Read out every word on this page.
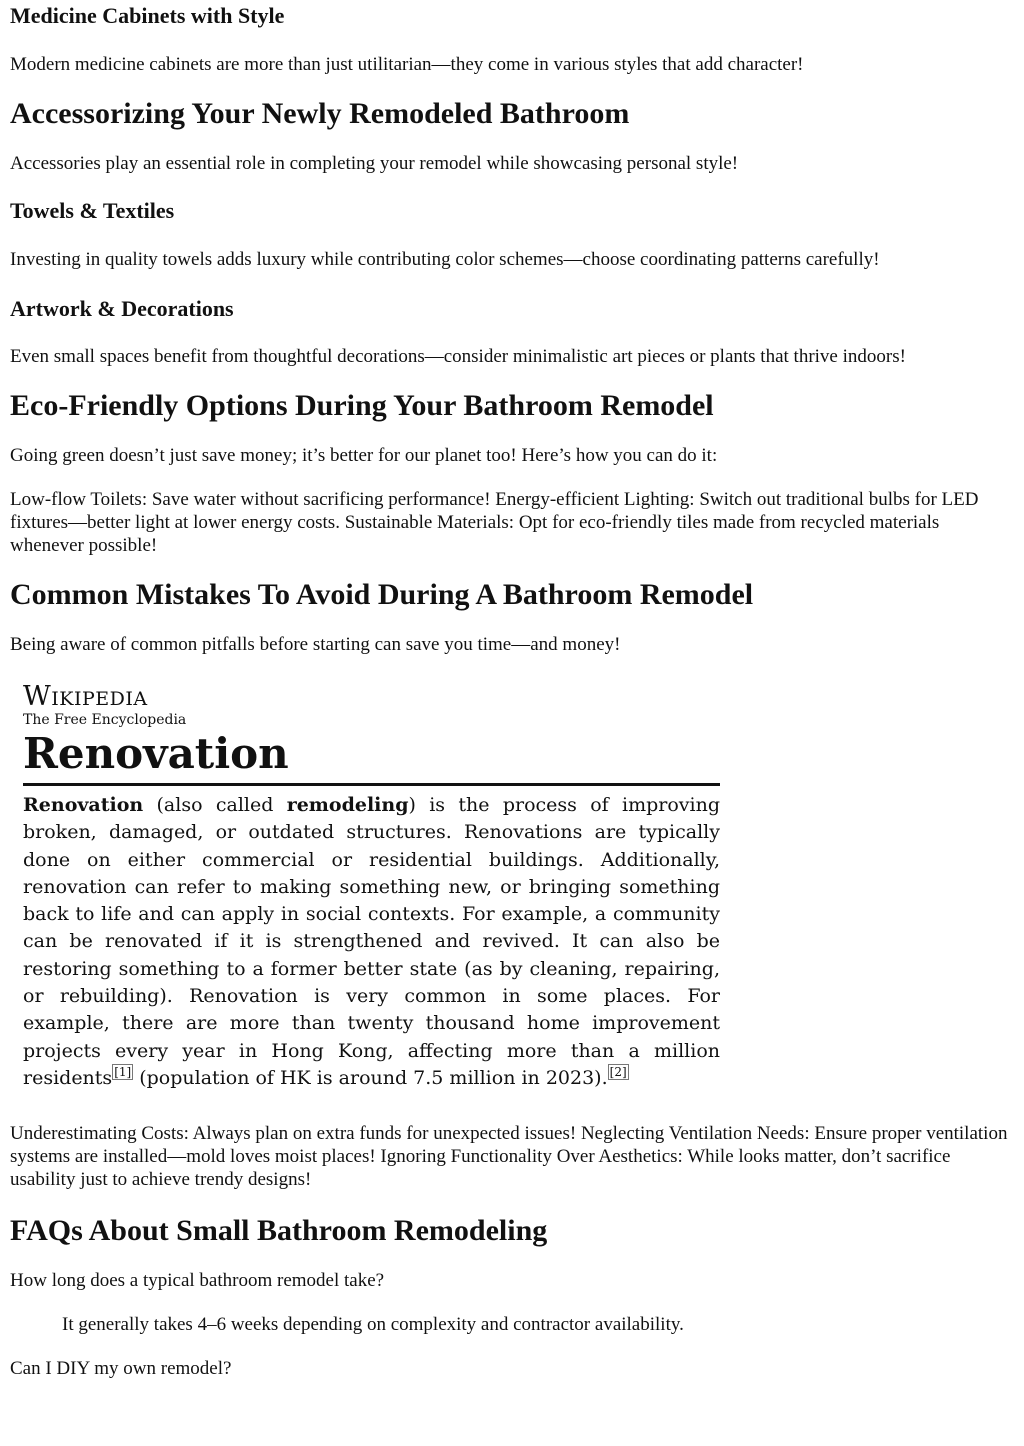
Medicine Cabinets with Style

Modern medicine cabinets are more than just utilitarian—they come in various styles that add character!

Accessorizing Your Newly Remodeled Bathroom

Accessories play an essential role in completing your remodel while showcasing personal style!

Towels & Textiles

Investing in quality towels adds luxury while contributing color schemes—choose coordinating patterns carefully!

Artwork & Decorations

Even small spaces benefit from thoughtful decorations—consider minimalistic art pieces or plants that thrive indoors!

Eco-Friendly Options During Your Bathroom Remodel

Going green doesn’t just save money; it’s better for our planet too! Here’s how you can do it:

Low-flow Toilets: Save water without sacrificing performance! Energy-efficient Lighting: Switch out traditional bulbs for LED fixtures—better light at lower energy costs. Sustainable Materials: Opt for eco-friendly tiles made from recycled materials whenever possible!

Common Mistakes To Avoid During A Bathroom Remodel

Being aware of common pitfalls before starting can save you time—and money!

Wikipedia
The Free Encyclopedia
Renovation
Renovation (also called remodeling) is the process of improving broken, damaged, or outdated structures. Renovations are typically done on either commercial or residential buildings. Additionally, renovation can refer to making something new, or bringing something back to life and can apply in social contexts. For example, a community can be renovated if it is strengthened and revived. It can also be restoring something to a former better state (as by cleaning, repairing, or rebuilding). Renovation is very common in some places. For example, there are more than twenty thousand home improvement projects every year in Hong Kong, affecting more than a million residents [1] (population of HK is around 7.5 million in 2023). [2]

Underestimating Costs: Always plan on extra funds for unexpected issues! Neglecting Ventilation Needs: Ensure proper ventilation systems are installed—mold loves moist places! Ignoring Functionality Over Aesthetics: While looks matter, don’t sacrifice usability just to achieve trendy designs!

FAQs About Small Bathroom Remodeling

How long does a typical bathroom remodel take?

It generally takes 4–6 weeks depending on complexity and contractor availability.

Can I DIY my own remodel?
